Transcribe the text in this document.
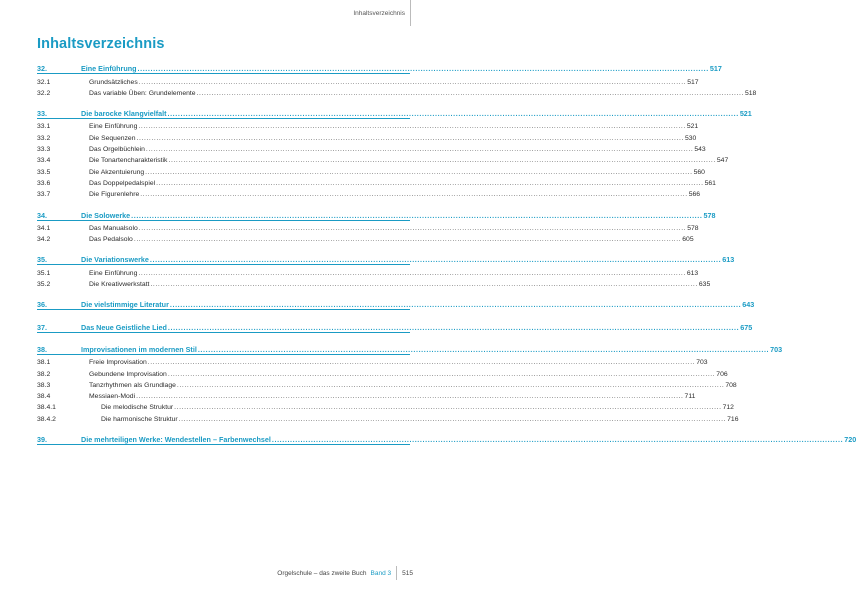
Inhaltsverzeichnis
Inhaltsverzeichnis
32.	Eine Einführung ............................................................................................................................................................................................................................ 517
32.1	Grundsätzliches ............................................................................................................................................................................................................................ 517
32.2	Das variable Üben: Grundelemente ............................................................................................................................................................................................................................ 518
33.	Die barocke Klangvielfalt ............................................................................................................................................................................................................................ 521
33.1	Eine Einführung ............................................................................................................................................................................................................................ 521
33.2	Die Sequenzen ............................................................................................................................................................................................................................ 530
33.3	Das Orgelbüchlein ............................................................................................................................................................................................................................ 543
33.4	Die Tonartencharakteristik ............................................................................................................................................................................................................................ 547
33.5	Die Akzentuierung ............................................................................................................................................................................................................................ 560
33.6	Das Doppelpedalspiel ............................................................................................................................................................................................................................ 561
33.7	Die Figurenlehre ............................................................................................................................................................................................................................ 566
34.	Die Solowerke ............................................................................................................................................................................................................................ 578
34.1	Das Manualsolo ............................................................................................................................................................................................................................ 578
34.2	Das Pedalsolo ............................................................................................................................................................................................................................ 605
35.	Die Variationswerke ............................................................................................................................................................................................................................ 613
35.1	Eine Einführung ............................................................................................................................................................................................................................ 613
35.2	Die Kreativwerkstatt ............................................................................................................................................................................................................................ 635
36.	Die vielstimmige Literatur ............................................................................................................................................................................................................................ 643
37.	Das Neue Geistliche Lied ............................................................................................................................................................................................................................ 675
38.	Improvisationen im modernen Stil ............................................................................................................................................................................................................................ 703
38.1	Freie Improvisation ............................................................................................................................................................................................................................ 703
38.2	Gebundene Improvisation ............................................................................................................................................................................................................................ 706
38.3	Tanzrhythmen als Grundlage ............................................................................................................................................................................................................................ 708
38.4	Messiaen-Modi ............................................................................................................................................................................................................................ 711
38.4.1	Die melodische Struktur ............................................................................................................................................................................................................................ 712
38.4.2	Die harmonische Struktur ............................................................................................................................................................................................................................ 716
39.	Die mehrteiligen Werke: Wendestellen – Farbenwechsel ............................................................................................................................................................................................................................ 720
Orgelschule – das zweite Buch Band 3 515
